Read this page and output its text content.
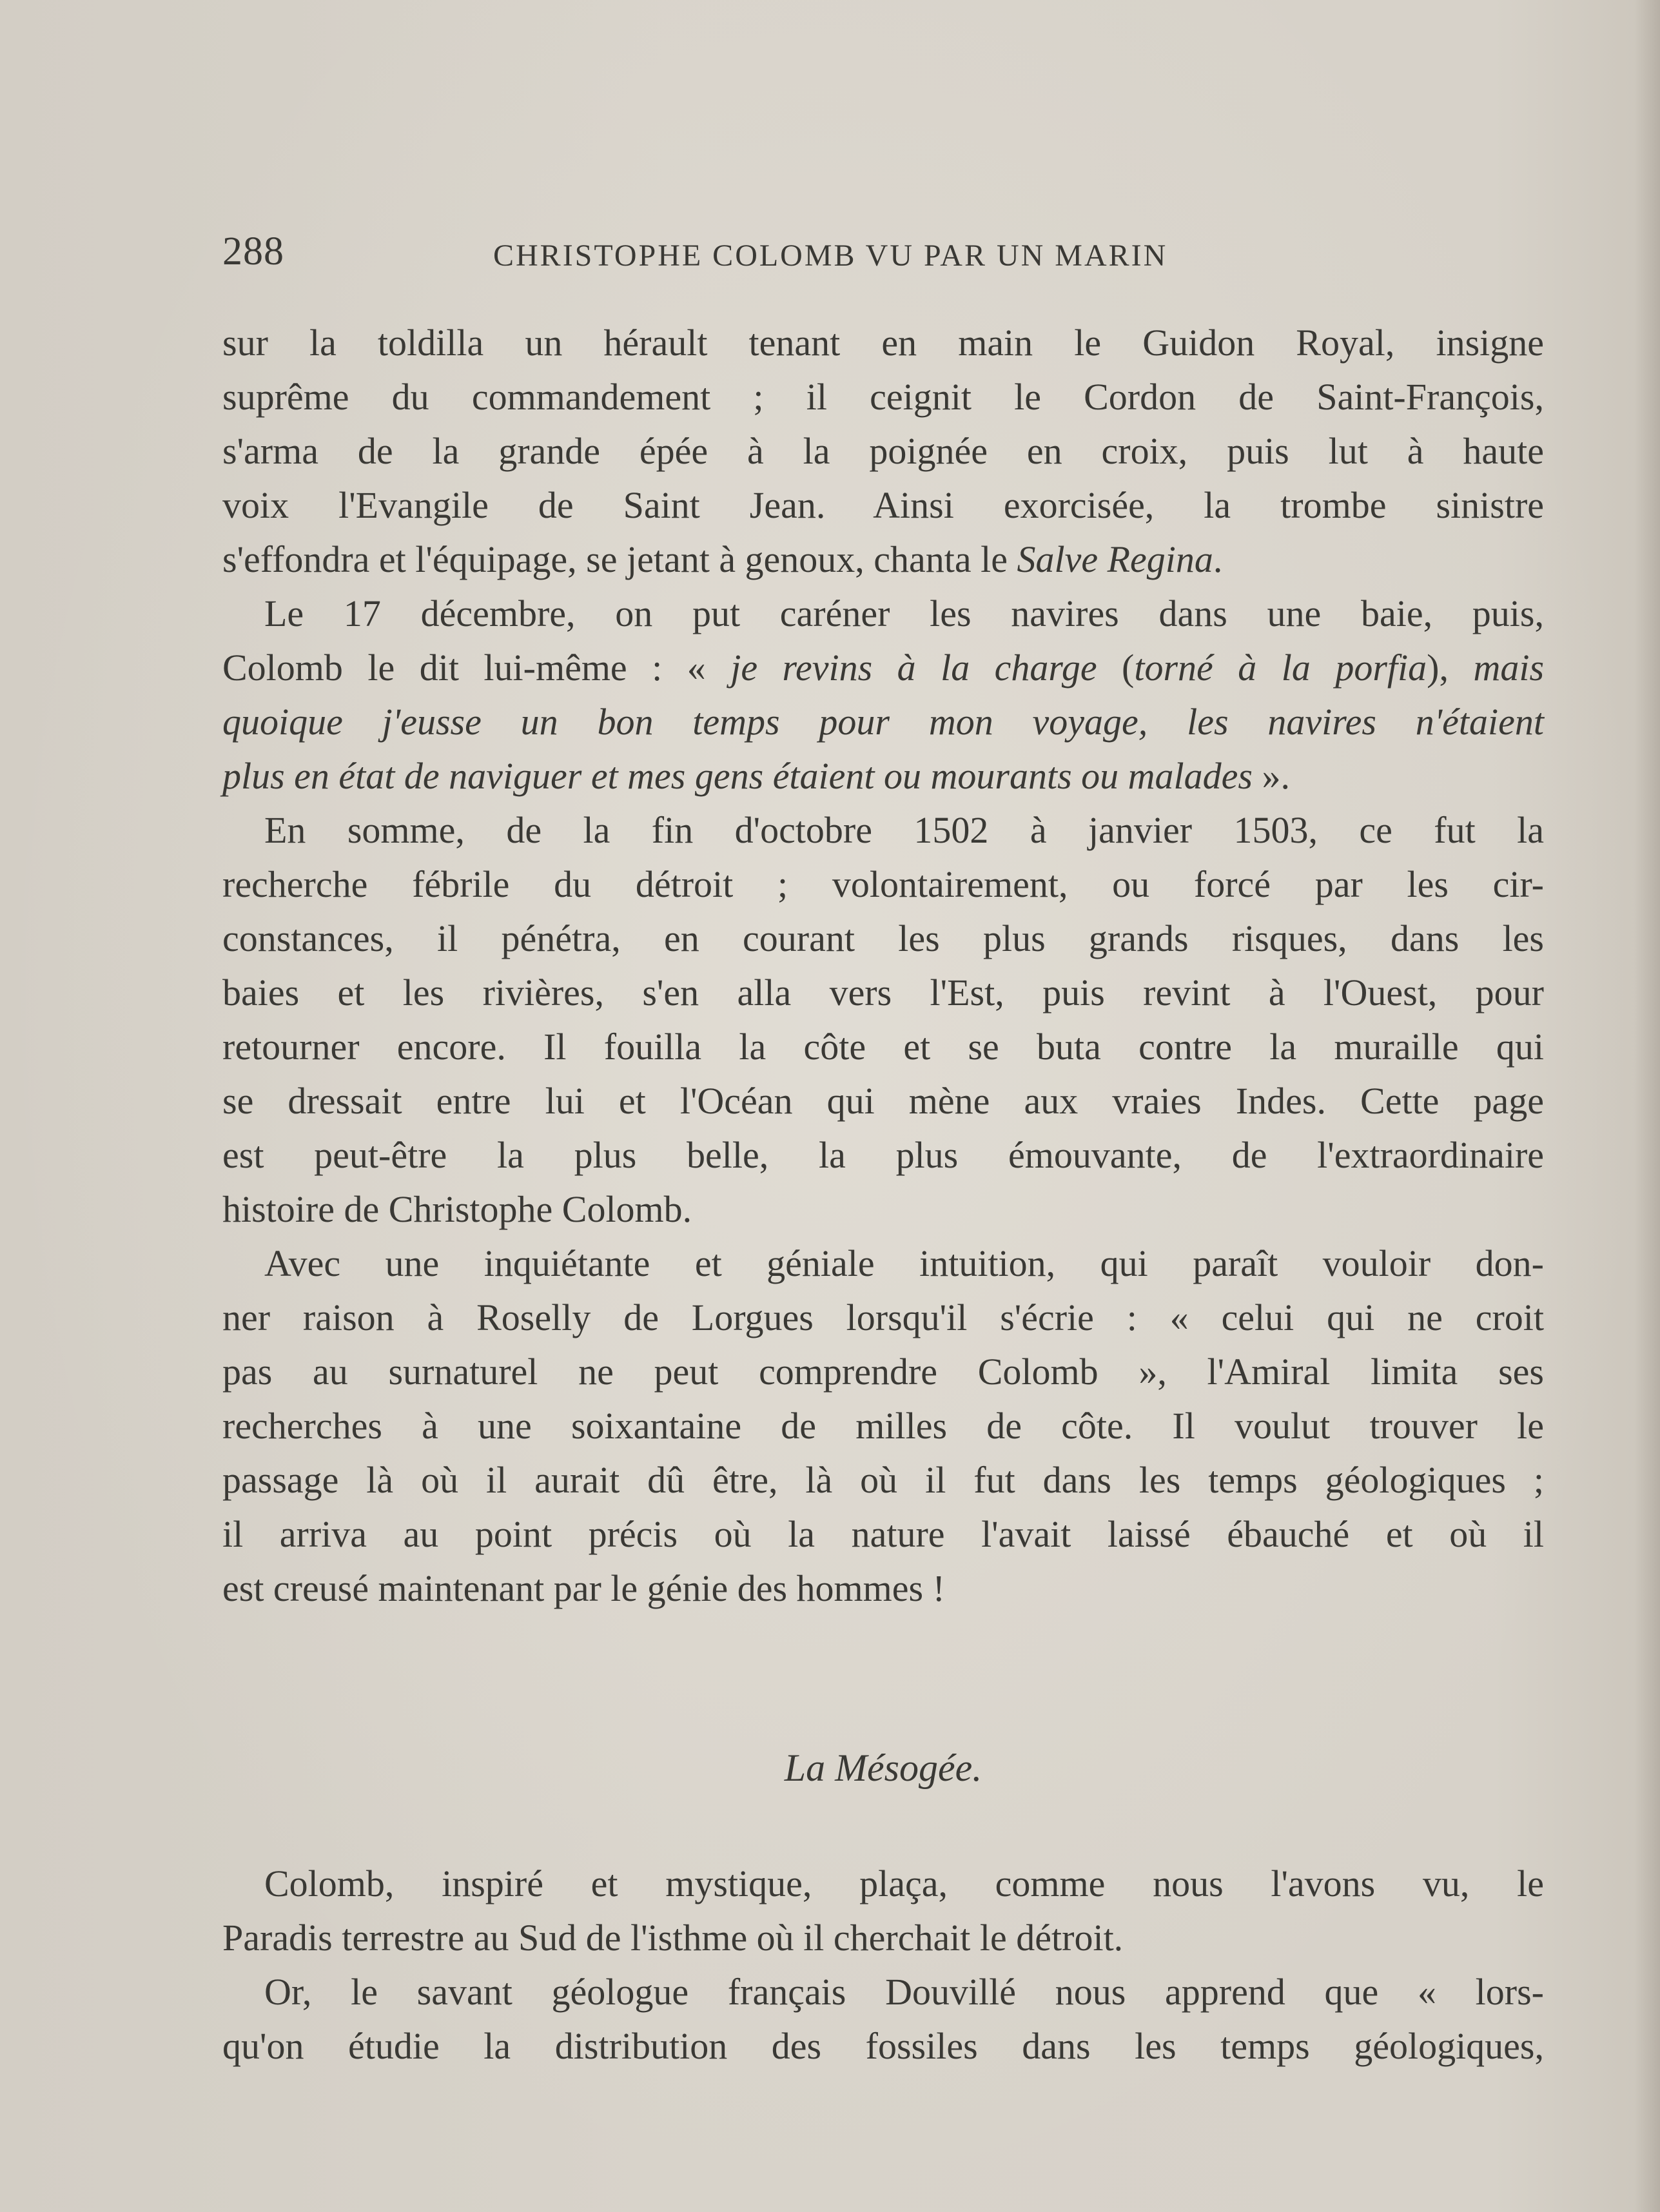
288	CHRISTOPHE COLOMB VU PAR UN MARIN
sur la toldilla un hérault tenant en main le Guidon Royal, insigne
suprême du commandement ; il ceignit le Cordon de Saint-François,
s'arma de la grande épée à la poignée en croix, puis lut à haute
voix l'Evangile de Saint Jean. Ainsi exorcisée, la trombe sinistre
s'effondra et l'équipage, se jetant à genoux, chanta le Salve Regina.
Le 17 décembre, on put caréner les navires dans une baie, puis,
Colomb le dit lui-même : « je revins à la charge (torné à la porfia), mais
quoique j'eusse un bon temps pour mon voyage, les navires n'étaient
plus en état de naviguer et mes gens étaient ou mourants ou malades ».
En somme, de la fin d'octobre 1502 à janvier 1503, ce fut la
recherche fébrile du détroit ; volontairement, ou forcé par les cir-
constances, il pénétra, en courant les plus grands risques, dans les
baies et les rivières, s'en alla vers l'Est, puis revint à l'Ouest, pour
retourner encore. Il fouilla la côte et se buta contre la muraille qui
se dressait entre lui et l'Océan qui mène aux vraies Indes. Cette page
est peut-être la plus belle, la plus émouvante, de l'extraordinaire
histoire de Christophe Colomb.
Avec une inquiétante et géniale intuition, qui paraît vouloir don-
ner raison à Roselly de Lorgues lorsqu'il s'écrie : « celui qui ne croit
pas au surnaturel ne peut comprendre Colomb », l'Amiral limita ses
recherches à une soixantaine de milles de côte. Il voulut trouver le
passage là où il aurait dû être, là où il fut dans les temps géologiques ;
il arriva au point précis où la nature l'avait laissé ébauché et où il
est creusé maintenant par le génie des hommes !
La Mésogée.
Colomb, inspiré et mystique, plaça, comme nous l'avons vu, le
Paradis terrestre au Sud de l'isthme où il cherchait le détroit.
Or, le savant géologue français Douvillé nous apprend que « lors-
qu'on étudie la distribution des fossiles dans les temps géologiques,
